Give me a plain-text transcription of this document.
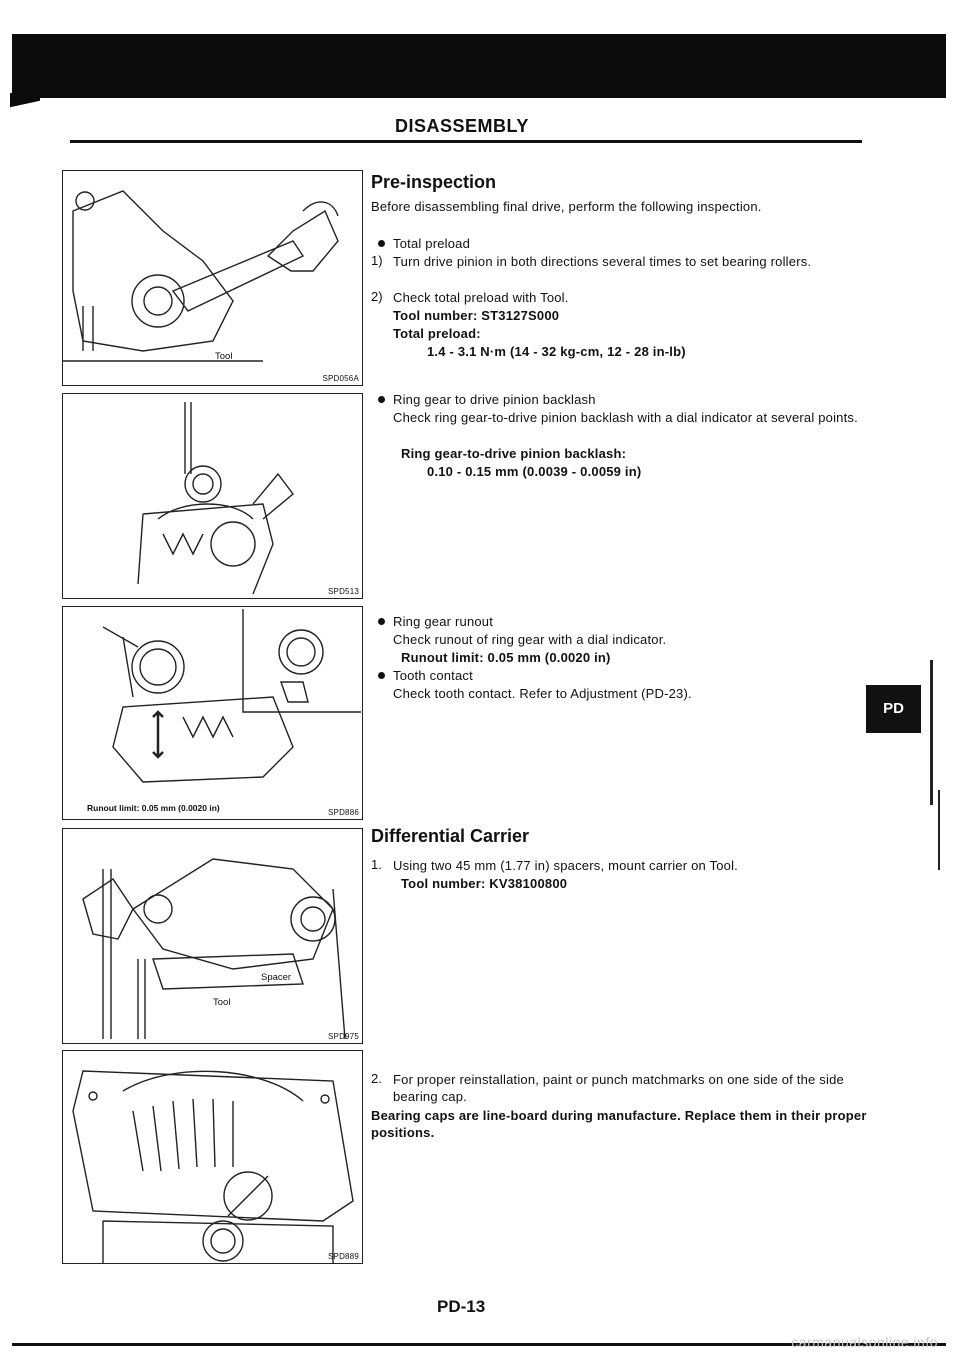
DISASSEMBLY
Tool
SPD056A
SPD513
Runout limit: 0.05 mm (0.0020 in)	SPD886
Spacer
Tool
SPD975
SPD889
Pre-inspection
Before disassembling final drive, perform the following inspection.
Total preload
1) Turn drive pinion in both directions several times to set bearing rollers.
2) Check total preload with Tool.
Tool number: ST3127S000
Total preload:
1.4 - 3.1 N·m (14 - 32 kg-cm, 12 - 28 in-lb)
Ring gear to drive pinion backlash
Check ring gear-to-drive pinion backlash with a dial indicator at several points.
Ring gear-to-drive pinion backlash:
0.10 - 0.15 mm (0.0039 - 0.0059 in)
Ring gear runout
Check runout of ring gear with a dial indicator.
Runout limit: 0.05 mm (0.0020 in)
Tooth contact
Check tooth contact. Refer to Adjustment (PD-23).
Differential Carrier
1. Using two 45 mm (1.77 in) spacers, mount carrier on Tool.
Tool number: KV38100800
2. For proper reinstallation, paint or punch matchmarks on one side of the side bearing cap.
Bearing caps are line-board during manufacture. Replace them in their proper positions.
PD
PD-13
carmanualsonline.info
